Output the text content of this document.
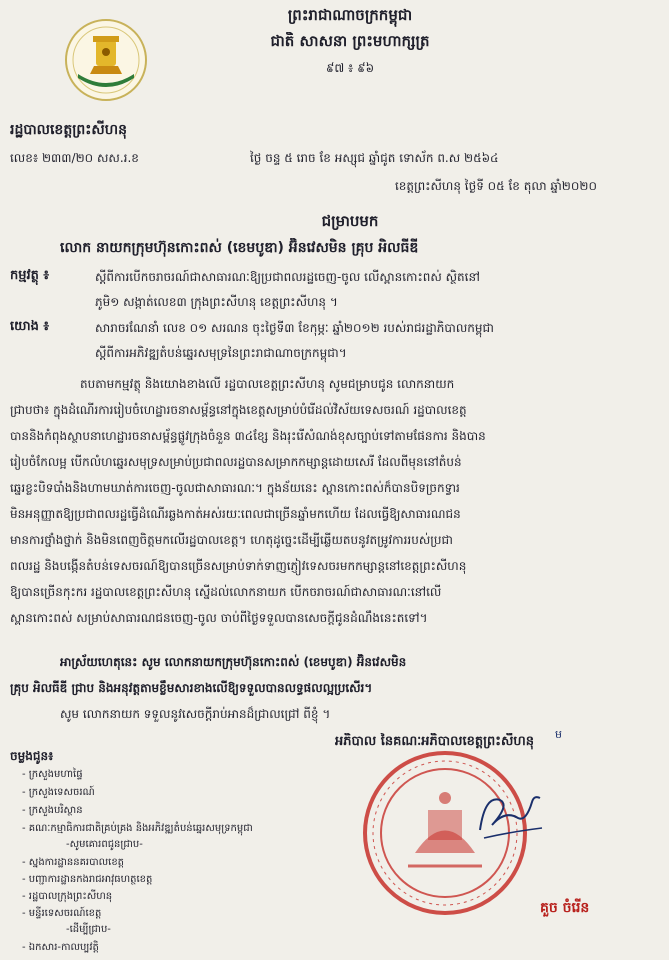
ព្រះរាជាណាចក្រកម្ពុជា
ជាតិ សាសនា ព្រះមហាក្សត្រ
៩៧ ៖ ៩៦
រដ្ឋបាលខេត្តព្រះសីហនុ
លេខ៖ ២៣៣/២០ សស.រ.ខ	ថ្ងៃ ចន្ទ ៥ រោច ខែ អស្សុជ ឆ្នាំជូត ទោស័ក ព.ស ២៥៦៤
ខេត្តព្រះសីហនុ ថ្ងៃទី ០៥ ខែ តុលា ឆ្នាំ២០២០
ជម្រាបមក
លោក នាយកក្រុមហ៊ុនកោះពស់ (ខេមបូឌា) អ៊ិនវេសមិន គ្រុប អិលធីឌី
កម្មវត្ថុ ៖	ស្តីពីការបើកចរាចរណ៍ជាសាធារណៈឱ្យប្រជាពលរដ្ឋចេញ-ចូល លើស្ពានកោះពស់ ស្ថិតនៅ
ភូមិ១ សង្កាត់លេខ៣ ក្រុងព្រះសីហនុ ខេត្តព្រះសីហនុ ។
យោង ៖	សារាចរណែនាំ លេខ ០១ សរណន ចុះថ្ងៃទី៣ ខែកុម្ភៈ ឆ្នាំ២០១២ របស់រាជរដ្ឋាភិបាលកម្ពុជា
ស្តីពីការអភិវឌ្ឍតំបន់ឆ្នេរសមុទ្រនៃព្រះរាជាណាចក្រកម្ពុជា។
តបតាមកម្មវត្ថុ និងយោងខាងលើ រដ្ឋបាលខេត្តព្រះសីហនុ សូមជម្រាបជូន លោកនាយក
ជ្រាបថា៖ ក្នុងដំណើរការរៀបចំហេដ្ឋារចនាសម្ព័ន្ធនៅក្នុងខេត្តសម្រាប់បំរើដល់វិស័យទេសចរណ៍ រដ្ឋបាលខេត្ត
បាននិងកំពុងស្ថាបនាហេដ្ឋារចនាសម្ព័ន្ធផ្លូវក្រុងចំនួន ៣៤ខ្សែ និងរុះរើសំណង់ខុសច្បាប់ទៅតាមផែនការ និងបាន
រៀបចំកែលម្អ បើកលំហឆ្នេរសមុទ្រសម្រាប់ប្រជាពលរដ្ឋបានសម្រាកកម្សាន្តដោយសេរី ដែលពីមុននៅតំបន់
ឆ្នេរខ្លះបិទបាំងនិងហាមឃាត់ការចេញ-ចូលជាសាធារណៈ។ ក្នុងន័យនេះ ស្ពានកោះពស់ក៏បានបិទច្រកទ្វារ
មិនអនុញ្ញាតឱ្យប្រជាពលរដ្ឋធ្វើដំណើរឆ្លងកាត់អស់រយៈពេលជាច្រើនឆ្នាំមកហើយ ដែលធ្វើឱ្យសាធារណជន
មានការថ្នាំងថ្នាក់ និងមិនពេញចិត្តមកលើរដ្ឋបាលខេត្ត។ ហេតុដូច្នេះដើម្បីឆ្លើយតបនូវតម្រូវការរបស់ប្រជា
ពលរដ្ឋ និងបង្កើនតំបន់ទេសចរណ៍ឱ្យបានច្រើនសម្រាប់ទាក់ទាញភ្ញៀវទេសចរមកកម្សាន្តនៅខេត្តព្រះសីហនុ
ឱ្យបានច្រើនកុះករ រដ្ឋបាលខេត្តព្រះសីហនុ ស្នើដល់លោកនាយក បើកចរាចរណ៍ជាសាធារណៈនៅលើ
ស្ពានកោះពស់ សម្រាប់សាធារណជនចេញ-ចូល ចាប់ពីថ្ងៃទទួលបានសេចក្តីជូនដំណឹងនេះតទៅ។
អាស្រ័យហេតុនេះ សូម លោកនាយកក្រុមហ៊ុនកោះពស់ (ខេមបូឌា) អ៊ិនវេសមិន
គ្រុប អិលធីឌី ជ្រាប និងអនុវត្តតាមខ្លឹមសារខាងលើឱ្យទទួលបានលទ្ធផលល្អប្រសើរ។
សូម លោកនាយក ទទួលនូវសេចក្តីរាប់អានដ៏ជ្រាលជ្រៅ ពីខ្ញុំ ។
អភិបាល នៃគណៈអភិបាលខេត្តព្រះសីហនុ ម
គួច ចំរើន
ចម្លងជូន៖
- ក្រសួងមហាផ្ទៃ
- ក្រសួងទេសចរណ៍
- ក្រសួងបរិស្ថាន
- គណៈកម្មាធិការជាតិគ្រប់គ្រង និងអភិវឌ្ឍតំបន់ឆ្នេរសមុទ្រកម្ពុជា
-សូមគោរពជូនជ្រាប-
- ស្នងការដ្ឋាននគរបាលខេត្ត
- បញ្ជាការដ្ឋានកងរាជអាវុធហត្ថខេត្ត
- រដ្ឋបាលក្រុងព្រះសីហនុ
- មន្ទីរទេសចរណ៍ខេត្ត
-ដើម្បីជ្រាប-
- ឯកសារ-កាលប្បវត្តិ
